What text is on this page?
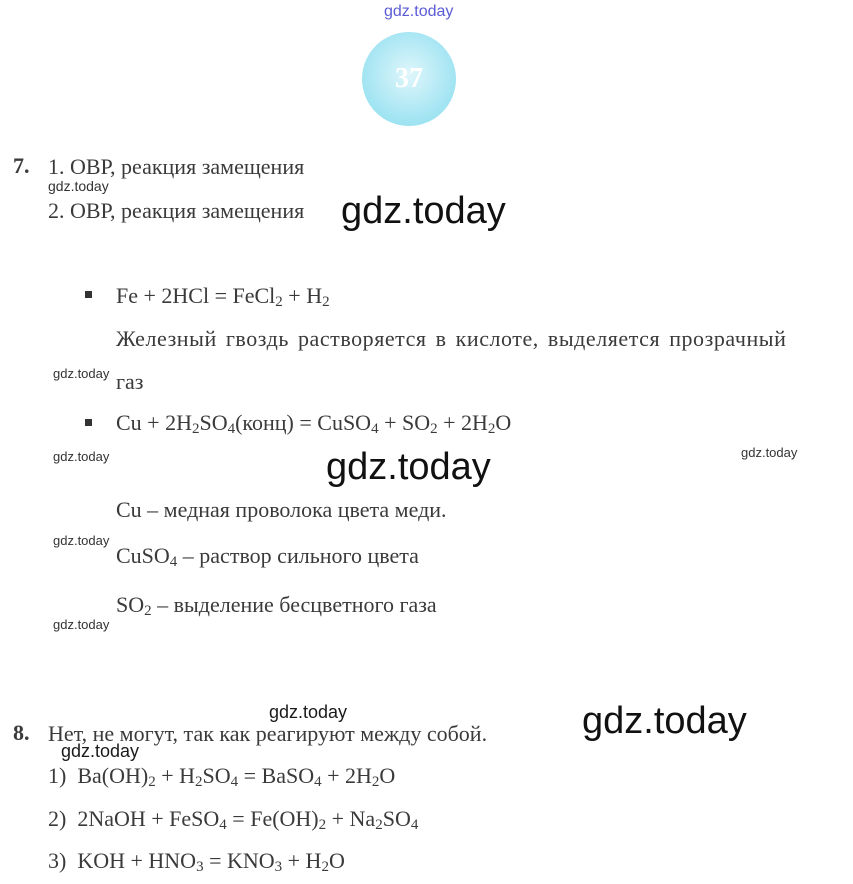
gdz.today
gdz.today
gdz.today
gdz.today
gdz.today	gdz.today
gdz.today
gdz.today
gdz.today
gdz.today	gdz.today
gdz.today
37
7. 1. ОВР, реакция замещения
2. ОВР, реакция замещения
Fe + 2HCl = FeCl$_2$ + $H_2$
Железный гвоздь растворяется в кислоте, выделяется прозрачный
газ
$Cu + 2H_2SO_4(конц)$ = CuSO$_4$ + $SO_2 + 2H_2O$
Cu – медная проволока цвета меди.
CuSO$_4$ – раствор сильного цвета
$SO_2$ – выделение бесцветного газа
8. Нет, не могут, так как реагируют между собой.
1) $Ba(OH)_2 + H_2SO_4$ = BaSO$_4$ + $2H_2O$
2) 2NaOH + FeSO$_4$ = $Fe(OH)_2 + Na_2SO_4$
3) KOH + $HNO_3 = KNO_3 + H_2O$
